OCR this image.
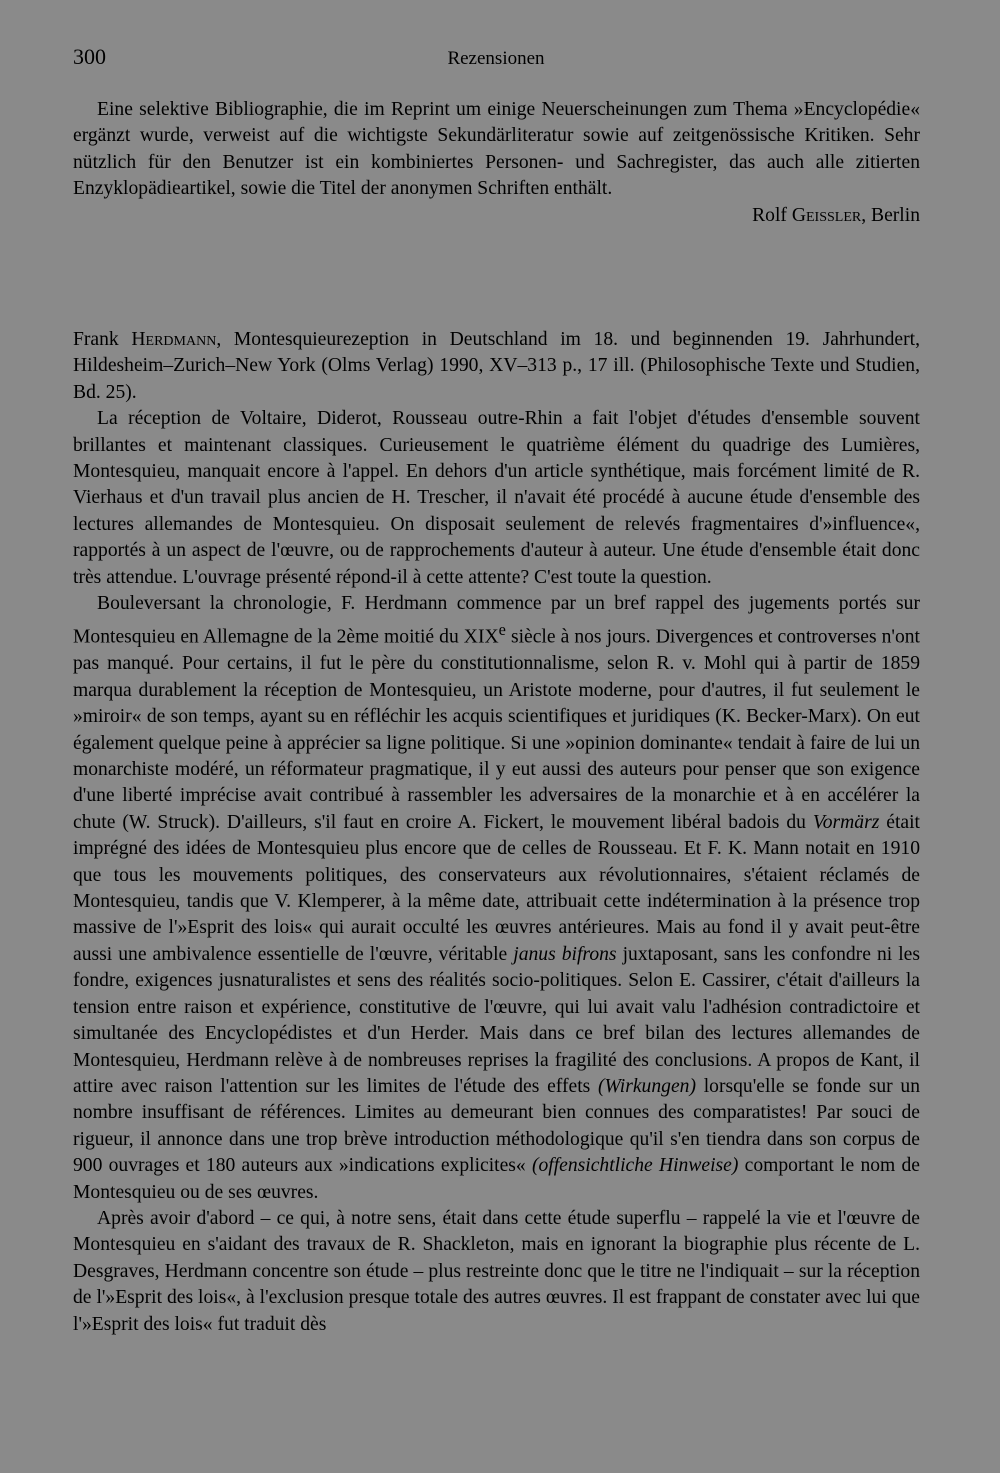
300	Rezensionen

Eine selektive Bibliographie, die im Reprint um einige Neuerscheinungen zum Thema »Encyclopédie« ergänzt wurde, verweist auf die wichtigste Sekundärliteratur sowie auf zeitgenössische Kritiken. Sehr nützlich für den Benutzer ist ein kombiniertes Personen- und Sachregister, das auch alle zitierten Enzyklopädieartikel, sowie die Titel der anonymen Schriften enthält.

Rolf Geissler, Berlin

Frank Herdmann, Montesquieurezeption in Deutschland im 18. und beginnenden 19. Jahrhundert, Hildesheim–Zurich–New York (Olms Verlag) 1990, XV–313 p., 17 ill. (Philosophische Texte und Studien, Bd. 25).

La réception de Voltaire, Diderot, Rousseau outre-Rhin a fait l'objet d'études d'ensemble souvent brillantes et maintenant classiques. Curieusement le quatrième élément du quadrige des Lumières, Montesquieu, manquait encore à l'appel. En dehors d'un article synthétique, mais forcément limité de R. Vierhaus et d'un travail plus ancien de H. Trescher, il n'avait été procédé à aucune étude d'ensemble des lectures allemandes de Montesquieu. On disposait seulement de relevés fragmentaires d'»influence«, rapportés à un aspect de l'œuvre, ou de rapprochements d'auteur à auteur. Une étude d'ensemble était donc très attendue. L'ouvrage présenté répond-il à cette attente? C'est toute la question.

Bouleversant la chronologie, F. Herdmann commence par un bref rappel des jugements portés sur Montesquieu en Allemagne de la 2ème moitié du XIXe siècle à nos jours. Divergences et controverses n'ont pas manqué. Pour certains, il fut le père du constitutionnalisme, selon R. v. Mohl qui à partir de 1859 marqua durablement la réception de Montesquieu, un Aristote moderne, pour d'autres, il fut seulement le »miroir« de son temps, ayant su en réfléchir les acquis scientifiques et juridiques (K. Becker-Marx). On eut également quelque peine à apprécier sa ligne politique. Si une »opinion dominante« tendait à faire de lui un monarchiste modéré, un réformateur pragmatique, il y eut aussi des auteurs pour penser que son exigence d'une liberté imprécise avait contribué à rassembler les adversaires de la monarchie et à en accélérer la chute (W. Struck). D'ailleurs, s'il faut en croire A. Fickert, le mouvement libéral badois du Vormärz était imprégné des idées de Montesquieu plus encore que de celles de Rousseau. Et F. K. Mann notait en 1910 que tous les mouvements politiques, des conservateurs aux révolutionnaires, s'étaient réclamés de Montesquieu, tandis que V. Klemperer, à la même date, attribuait cette indétermination à la présence trop massive de l'»Esprit des lois« qui aurait occulté les œuvres antérieures. Mais au fond il y avait peut-être aussi une ambivalence essentielle de l'œuvre, véritable janus bifrons juxtaposant, sans les confondre ni les fondre, exigences jusnaturalistes et sens des réalités socio-politiques. Selon E. Cassirer, c'était d'ailleurs la tension entre raison et expérience, constitutive de l'œuvre, qui lui avait valu l'adhésion contradictoire et simultanée des Encyclopédistes et d'un Herder. Mais dans ce bref bilan des lectures allemandes de Montesquieu, Herdmann relève à de nombreuses reprises la fragilité des conclusions. A propos de Kant, il attire avec raison l'attention sur les limites de l'étude des effets (Wirkungen) lorsqu'elle se fonde sur un nombre insuffisant de références. Limites au demeurant bien connues des comparatistes! Par souci de rigueur, il annonce dans une trop brève introduction méthodologique qu'il s'en tiendra dans son corpus de 900 ouvrages et 180 auteurs aux »indications explicites« (offensichtliche Hinweise) comportant le nom de Montesquieu ou de ses œuvres.

Après avoir d'abord – ce qui, à notre sens, était dans cette étude superflu – rappelé la vie et l'œuvre de Montesquieu en s'aidant des travaux de R. Shackleton, mais en ignorant la biographie plus récente de L. Desgraves, Herdmann concentre son étude – plus restreinte donc que le titre ne l'indiquait – sur la réception de l'»Esprit des lois«, à l'exclusion presque totale des autres œuvres. Il est frappant de constater avec lui que l'»Esprit des lois« fut traduit dès
